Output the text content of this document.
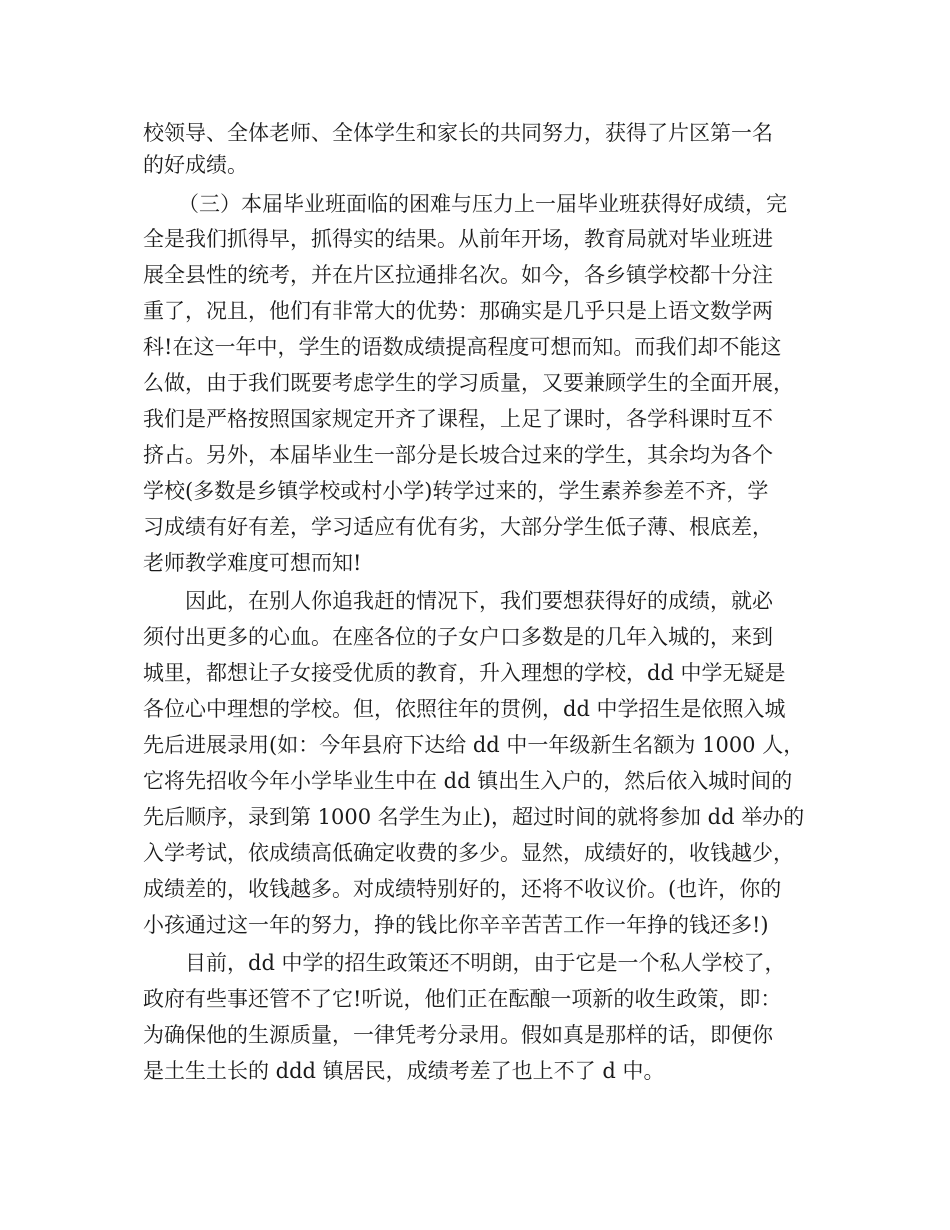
校领导、全体老师、全体学生和家长的共同努力，获得了片区第一名
的好成绩。
（三）本届毕业班面临的困难与压力上一届毕业班获得好成绩，完
全是我们抓得早，抓得实的结果。从前年开场，教育局就对毕业班进
展全县性的统考，并在片区拉通排名次。如今，各乡镇学校都十分注
重了，况且，他们有非常大的优势：那确实是几乎只是上语文数学两
科!在这一年中，学生的语数成绩提高程度可想而知。而我们却不能这
么做，由于我们既要考虑学生的学习质量，又要兼顾学生的全面开展，
我们是严格按照国家规定开齐了课程，上足了课时，各学科课时互不
挤占。另外，本届毕业生一部分是长坡合过来的学生，其余均为各个
学校(多数是乡镇学校或村小学)转学过来的，学生素养参差不齐，学
习成绩有好有差，学习适应有优有劣，大部分学生低子薄、根底差，
老师教学难度可想而知!
因此，在别人你追我赶的情况下，我们要想获得好的成绩，就必
须付出更多的心血。在座各位的子女户口多数是的几年入城的，来到
城里，都想让子女接受优质的教育，升入理想的学校，dd 中学无疑是
各位心中理想的学校。但，依照往年的贯例，dd 中学招生是依照入城
先后进展录用(如：今年县府下达给 dd 中一年级新生名额为 1000 人，
它将先招收今年小学毕业生中在 dd 镇出生入户的，然后依入城时间的
先后顺序，录到第 1000 名学生为止)，超过时间的就将参加 dd 举办的
入学考试，依成绩高低确定收费的多少。显然，成绩好的，收钱越少，
成绩差的，收钱越多。对成绩特别好的，还将不收议价。(也许，你的
小孩通过这一年的努力，挣的钱比你辛辛苦苦工作一年挣的钱还多!)
目前，dd 中学的招生政策还不明朗，由于它是一个私人学校了，
政府有些事还管不了它!听说，他们正在酝酿一项新的收生政策，即：
为确保他的生源质量，一律凭考分录用。假如真是那样的话，即便你
是土生土长的 ddd 镇居民，成绩考差了也上不了 d 中。
